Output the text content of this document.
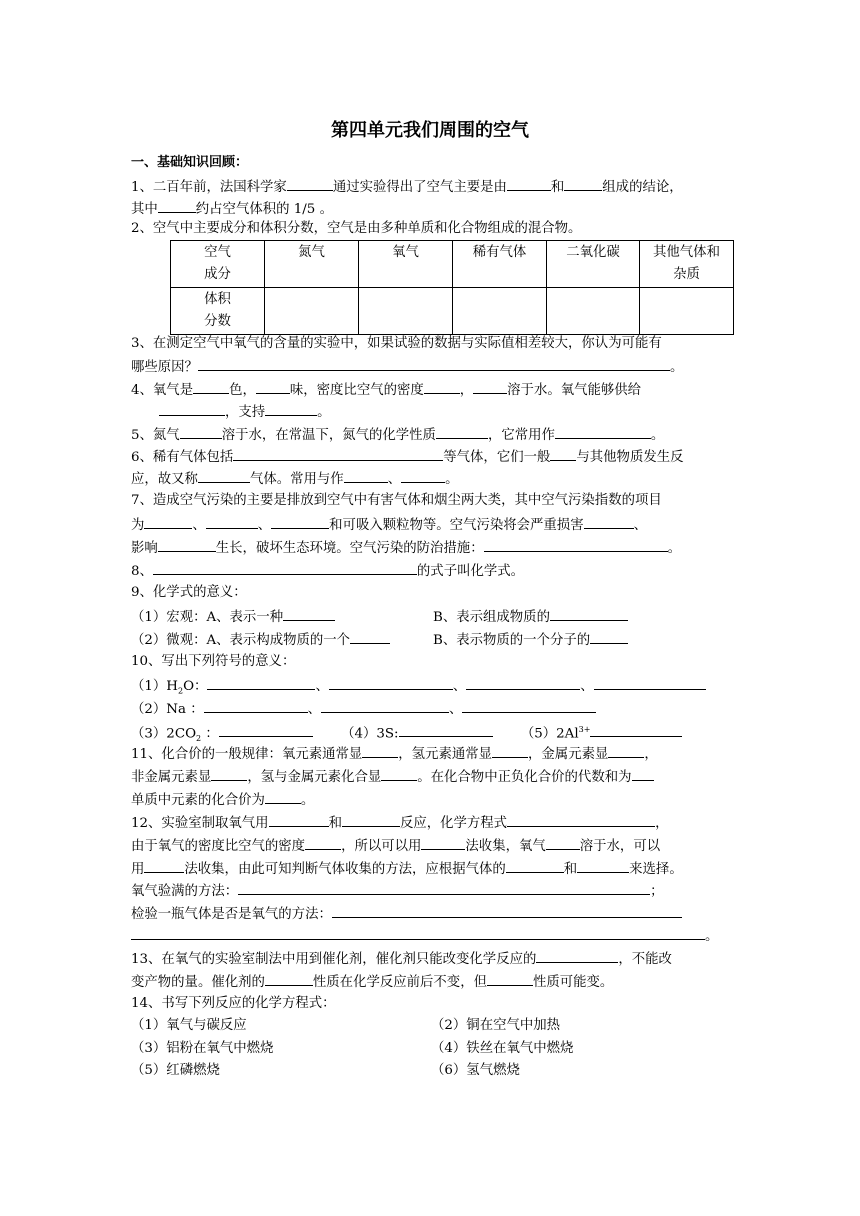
第四单元我们周围的空气
一、基础知识回顾：
1、二百年前，法国科学家	通过实验得出了空气主要是由	和	组成的结论，
其中	约占空气体积的 1/5 。
2、空气中主要成分和体积分数，空气是由多种单质和化合物组成的混合物。
空气
成分	氮气	氧气	稀有气体	二氧化碳	其他气体和
杂质
体积
分数					
3、在测定空气中氧气的含量的实验中，如果试验的数据与实际值相差较大，你认为可能有
哪些原因？	。
4、氧气是	色，	味，密度比空气的密度	，	溶于水。氧气能够供给
，支持	。
5、氮气	溶于水，在常温下，氮气的化学性质	，它常用作	。
6、稀有气体包括	等气体，它们一般 与其他物质发生反
应，故又称	气体。常用与作	、	。
7、造成空气污染的主要是排放到空气中有害气体和烟尘两大类，其中空气污染指数的项目
为	、	、	和可吸入颗粒物等。空气污染将会严重损害	、
影响	生长，破坏生态环境。空气污染的防治措施：	。
8、	的式子叫化学式。
9、化学式的意义：
（1）宏观：A、表示一种	B、表示组成物质的
（2）微观：A、表示构成物质的一个	B、表示物质的一个分子的
10、写出下列符号的意义：
$(1)H_2O$：	、	、	、
（2）Na ：	、	、
$(3)2CO_2$ ：	（4）3S:	$(5)2Al^{3+}$
11、化合价的一般规律：氧元素通常显	，氢元素通常显	，金属元素显	，
非金属元素显	，氢与金属元素化合显	。在化合物中正负化合价的代数和为
单质中元素的化合价为	。
12、实验室制取氧气用	和	反应，化学方程式	，
由于氧气的密度比空气的密度	，所以可以用	法收集，氧气	溶于水，可以
用	法收集，由此可知判断气体收集的方法，应根据气体的	和	来选择。
氧气验满的方法：	；
检验一瓶气体是否是氧气的方法：
。
13、在氧气的实验室制法中用到催化剂，催化剂只能改变化学反应的	，不能改
变产物的量。催化剂的	性质在化学反应前后不变，但	性质可能变。
14、书写下列反应的化学方程式：
（1）氧气与碳反应	（2）铜在空气中加热
（3）铝粉在氧气中燃烧	（4）铁丝在氧气中燃烧
（5）红磷燃烧	（6）氢气燃烧
